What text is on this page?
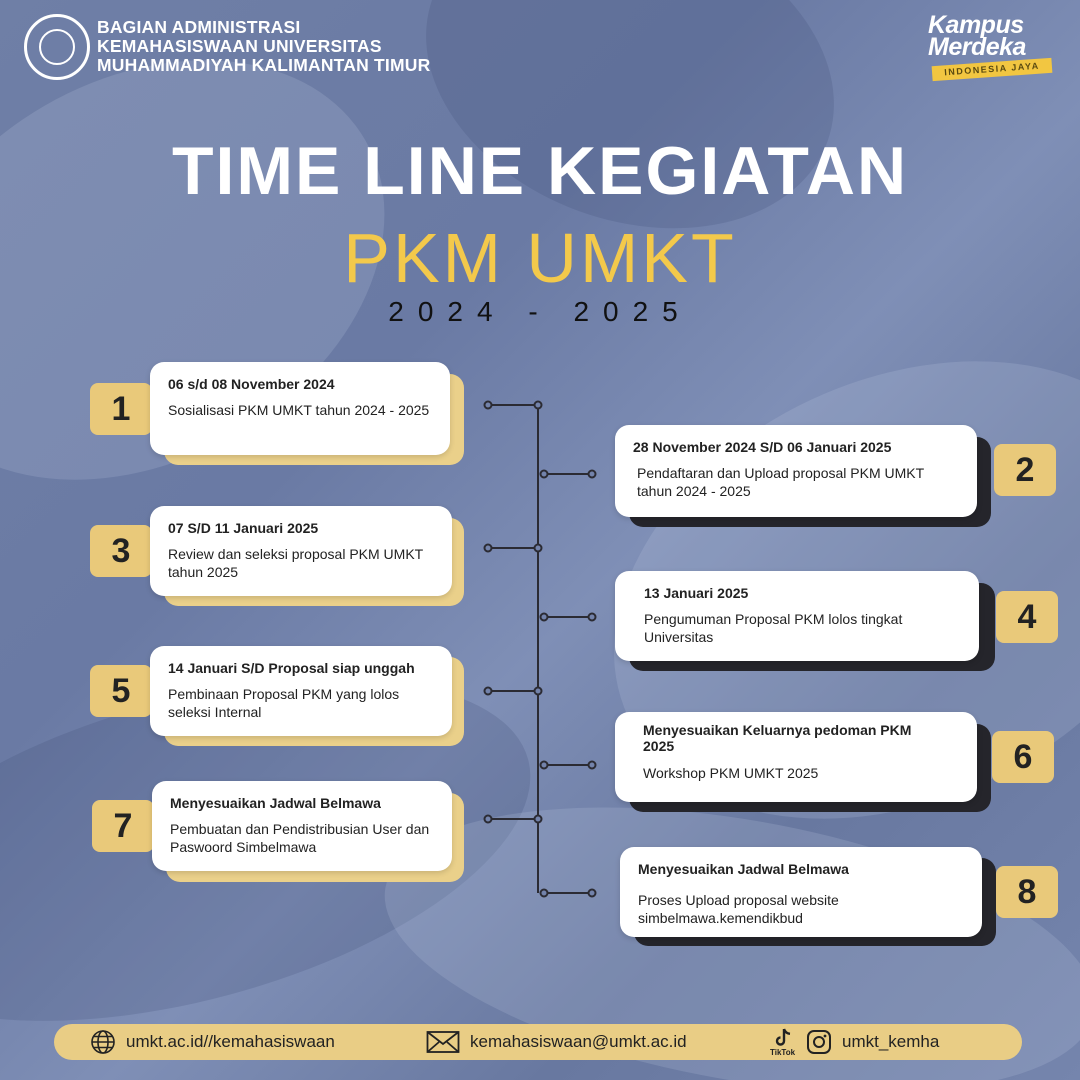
BAGIAN ADMINISTRASI
KEMAHASISWAAN UNIVERSITAS
MUHAMMADIYAH KALIMANTAN TIMUR
Kampus
Merdeka
INDONESIA JAYA
TIME LINE KEGIATAN
PKM UMKT
2024 - 2025
1
06 s/d 08 November 2024
Sosialisasi PKM UMKT tahun 2024 - 2025
3
07 S/D 11 Januari 2025
Review dan seleksi proposal PKM UMKT tahun 2025
5
14 Januari S/D Proposal siap unggah
Pembinaan Proposal PKM yang lolos seleksi Internal
7
Menyesuaikan Jadwal Belmawa
Pembuatan dan Pendistribusian User dan Paswoord Simbelmawa
28 November 2024 S/D 06 Januari 2025
Pendaftaran dan Upload proposal PKM UMKT tahun 2024 - 2025
2
13 Januari 2025
Pengumuman Proposal PKM lolos tingkat Universitas
4
Menyesuaikan Keluarnya pedoman PKM 2025
Workshop PKM UMKT 2025	6
Menyesuaikan Jadwal Belmawa
Proses Upload proposal website simbelmawa.kemendikbud
8
umkt.ac.id//kemahasiswaan	kemahasiswaan@umkt.ac.id
TikTok
umkt_kemha
